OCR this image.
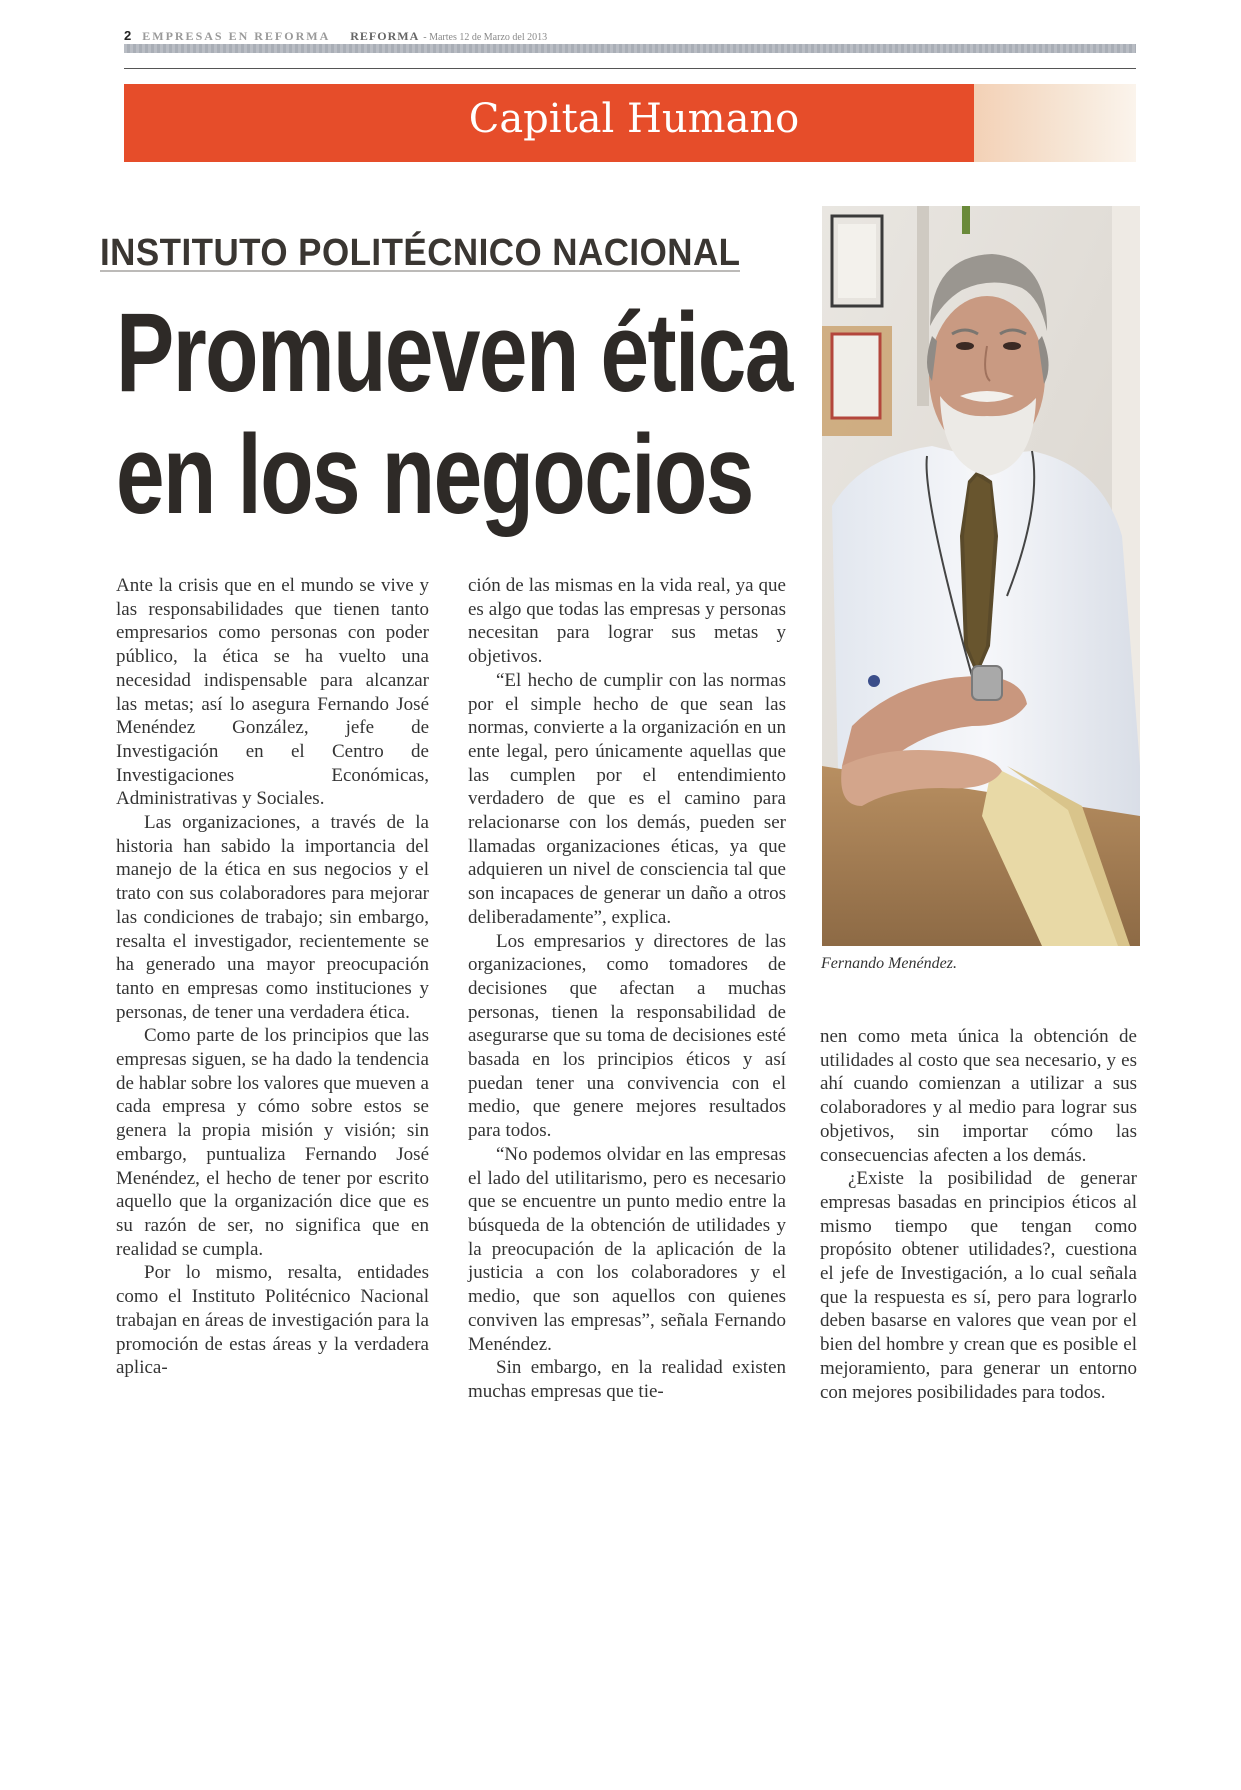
2 EMPRESAS EN REFORMA REFORMA - Martes 12 de Marzo del 2013
Capital Humano
INSTITUTO POLITÉCNICO NACIONAL
Promueven ética
en los negocios
Fernando Menéndez.

Ante la crisis que en el mundo se vive y las responsabilidades que tienen tanto empresarios como personas con poder público, la ética se ha vuelto una necesidad indispensable para alcanzar las metas; así lo asegura Fernando José Menéndez González, jefe de Investigación en el Centro de Investigaciones Económicas, Administrativas y Sociales.

Las organizaciones, a través de la historia han sabido la importancia del manejo de la ética en sus negocios y el trato con sus colaboradores para mejorar las condiciones de trabajo; sin embargo, resalta el investigador, recientemente se ha generado una mayor preocupación tanto en empresas como instituciones y personas, de tener una verdadera ética.

Como parte de los principios que las empresas siguen, se ha dado la tendencia de hablar sobre los valores que mueven a cada empresa y cómo sobre estos se genera la propia misión y visión; sin embargo, puntualiza Fernando José Menéndez, el hecho de tener por escrito aquello que la organización dice que es su razón de ser, no significa que en realidad se cumpla.

Por lo mismo, resalta, entidades como el Instituto Politécnico Nacional trabajan en áreas de investigación para la promoción de estas áreas y la verdadera aplica-

ción de las mismas en la vida real, ya que es algo que todas las empresas y personas necesitan para lograr sus metas y objetivos.

“El hecho de cumplir con las normas por el simple hecho de que sean las normas, convierte a la organización en un ente legal, pero únicamente aquellas que las cumplen por el entendimiento verdadero de que es el camino para relacionarse con los demás, pueden ser llamadas organizaciones éticas, ya que adquieren un nivel de consciencia tal que son incapaces de generar un daño a otros deliberadamente”, explica.

Los empresarios y directores de las organizaciones, como tomadores de decisiones que afectan a muchas personas, tienen la responsabilidad de asegurarse que su toma de decisiones esté basada en los principios éticos y así puedan tener una convivencia con el medio, que genere mejores resultados para todos.

“No podemos olvidar en las empresas el lado del utilitarismo, pero es necesario que se encuentre un punto medio entre la búsqueda de la obtención de utilidades y la preocupación de la aplicación de la justicia a con los colaboradores y el medio, que son aquellos con quienes conviven las empresas”, señala Fernando Menéndez.

Sin embargo, en la realidad existen muchas empresas que tie-

nen como meta única la obtención de utilidades al costo que sea necesario, y es ahí cuando comienzan a utilizar a sus colaboradores y al medio para lograr sus objetivos, sin importar cómo las consecuencias afecten a los demás.

¿Existe la posibilidad de generar empresas basadas en principios éticos al mismo tiempo que tengan como propósito obtener utilidades?, cuestiona el jefe de Investigación, a lo cual señala que la respuesta es sí, pero para lograrlo deben basarse en valores que vean por el bien del hombre y crean que es posible el mejoramiento, para generar un entorno con mejores posibilidades para todos.
